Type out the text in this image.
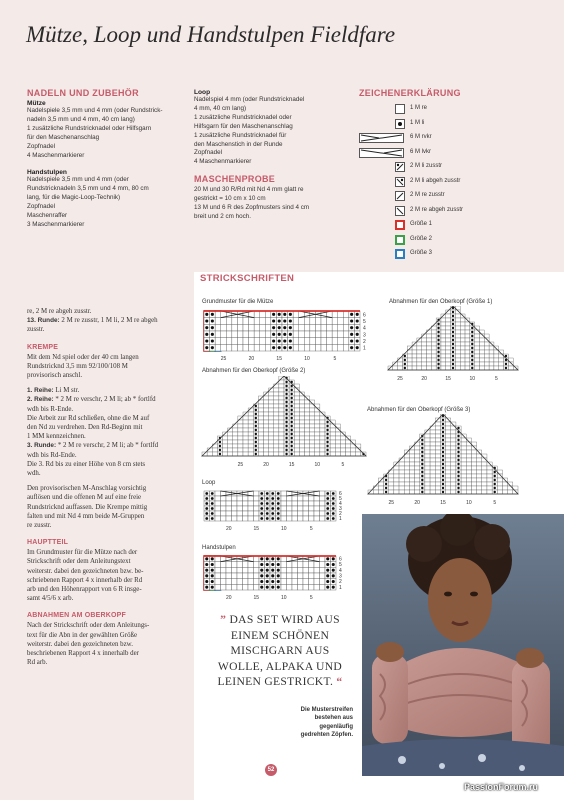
Mütze, Loop und Handstulpen Fieldfare
NADELN UND ZUBEHÖR
Mütze
Nadelspiele 3,5 mm und 4 mm (oder Rundstrick-
nadeln 3,5 mm und 4 mm, 40 cm lang)
1 zusätzliche Rundstricknadel oder Hilfsgarn
für den Maschenanschlag
Zopfnadel
4 Maschenmarkierer
Handstulpen
Nadelspiele 3,5 mm und 4 mm (oder
Rundstricknadeln 3,5 mm und 4 mm, 80 cm
lang, für die Magic-Loop-Technik)
Zopfnadel
Maschenraffer
3 Maschenmarkierer
Loop
Nadelspiel 4 mm (oder Rundstricknadel
4 mm, 40 cm lang)
1 zusätzliche Rundstricknadel oder
Hilfsgarn für den Maschenanschlag
1 zusätzliche Rundstricknadel für
den Maschenstich in der Runde
Zopfnadel
4 Maschenmarkierer
MASCHENPROBE
20 M und 30 R/Rd mit Nd 4 mm glatt re
gestrickt = 10 cm x 10 cm
13 M und 6 R des Zopfmusters sind 4 cm
breit und 2 cm hoch.
ZEICHENERKLÄRUNG
1 M re
1 M li
6 M rvkr
6 M lvkr
2 M li zusstr
2 M li abgeh zusstr
2 M re zusstr
2 M re abgeh zusstr
Größe 1
Größe 2
Größe 3
STRICKSCHRIFTEN
re, 2 M re abgeh zusstr.
13. Runde: 2 M re zusstr, 1 M li, 2 M re abgeh
zusstr.
KREMPE
Mit dem Nd spiel oder der 40 cm langen
Rundstricknd 3,5 mm 92/100/108 M
provisorisch anschl.
1. Reihe: Li M str.
2. Reihe: * 2 M re verschr, 2 M li; ab * fortlfd
wdh bis R-Ende.
Die Arbeit zur Rd schließen, ohne die M auf
den Nd zu verdrehen. Den Rd-Beginn mit
1 MM kennzeichnen.
3. Runde: * 2 M re verschr, 2 M li; ab * fortlfd
wdh bis Rd-Ende.
Die 3. Rd bis zu einer Höhe von 8 cm stets
wdh.
Den provisorischen M-Anschlag vorsichtig
auflösen und die offenen M auf eine freie
Rundstricknd auffassen. Die Krempe mittig
falten und mit Nd 4 mm beide M-Gruppen
re zusstr.
HAUPTTEIL
Im Grundmuster für die Mütze nach der
Strickschrift oder dem Anleitungstext
weiterstr. dabei den gezeichneten bzw. be-
schriebenen Rapport 4 x innerhalb der Rd
arb und den Höhenrapport von 6 R insge-
samt 4/5/6 x arb.
ABNAHMEN AM OBERKOPF
Nach der Strickschrift oder dem Anleitungs-
text für die Abn in der gewählten Größe
weiterstr. dabei den gezeichneten bzw.
beschriebenen Rapport 4 x innerhalb der
Rd arb.
Grundmuster für die Mütze	Abnahmen für den Oberkopf (Größe 1)
Abnahmen für den Oberkopf (Größe 2)
Abnahmen für den Oberkopf (Größe 3)
Loop
Handstulpen
6
5
4
3
2
1
25	20	15	10	5
25	20	15	10	5
25	20	15	10	5
25	20	15	10	5
6
5
4
3
2
1
20	15	10	5
6
5
4
3
2
1
20	15	10	5
” DAS SET WIRD AUS
EINEM SCHÖNEN
MISCHGARN AUS
WOLLE, ALPAKA UND
LEINEN GESTRICKT. “
Die Musterstreifen
bestehen aus
gegenläufig
gedrehten Zöpfen.
52
PassionForum.ru
